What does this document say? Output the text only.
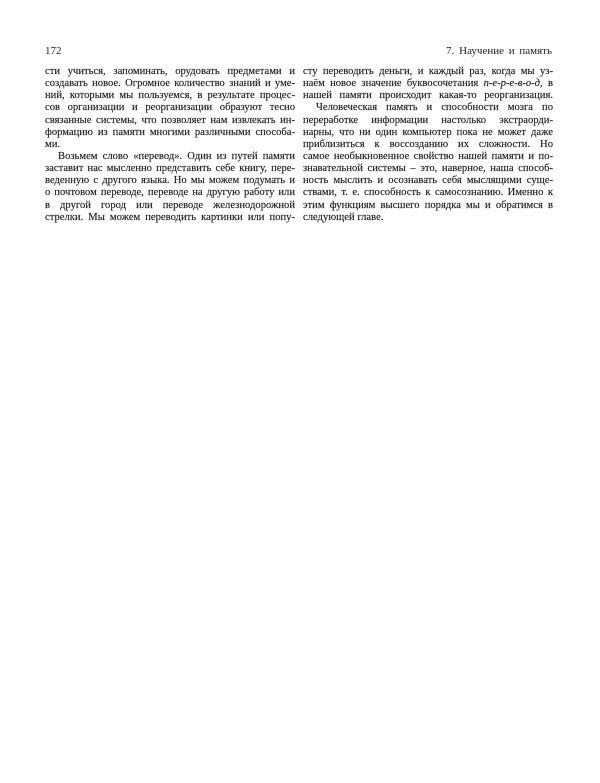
172	7. Научение и память
сти учиться, запоминать, орудовать предметами и
создавать новое. Огромное количество знаний и уме-
ний, которыми мы пользуемся, в результате процес-
сов организации и реорганизации образуют тесно
связанные системы, что позволяет нам извлекать ин-
формацию из памяти многими различными способа-
ми.
Возьмем слово «перевод». Один из путей памяти
заставит нас мысленно представить себе книгу, пере-
веденную с другого языка. Но мы можем подумать и
о почтовом переводе, переводе на другую работу или
в другой город или переводе железнодорожной
стрелки. Мы можем переводить картинки или попу-
сту переводить деньги, и каждый раз, когда мы уз-
наём новое значение буквосочетания п-е-р-е-в-о-д, в
нашей памяти происходит какая-то реорганизация.
Человеческая память и способности мозга по
переработке информации настолько экстраорди-
нарны, что ни один компьютер пока не может даже
приблизиться к воссозданию их сложности. Но
самое необыкновенное свойство нашей памяти и по-
знавательной системы – это, наверное, наша способ-
ность мыслить и осознавать себя мыслящими суще-
ствами, т. е. способность к самосознанию. Именно к
этим функциям высшего порядка мы и обратимся в
следующей главе.
